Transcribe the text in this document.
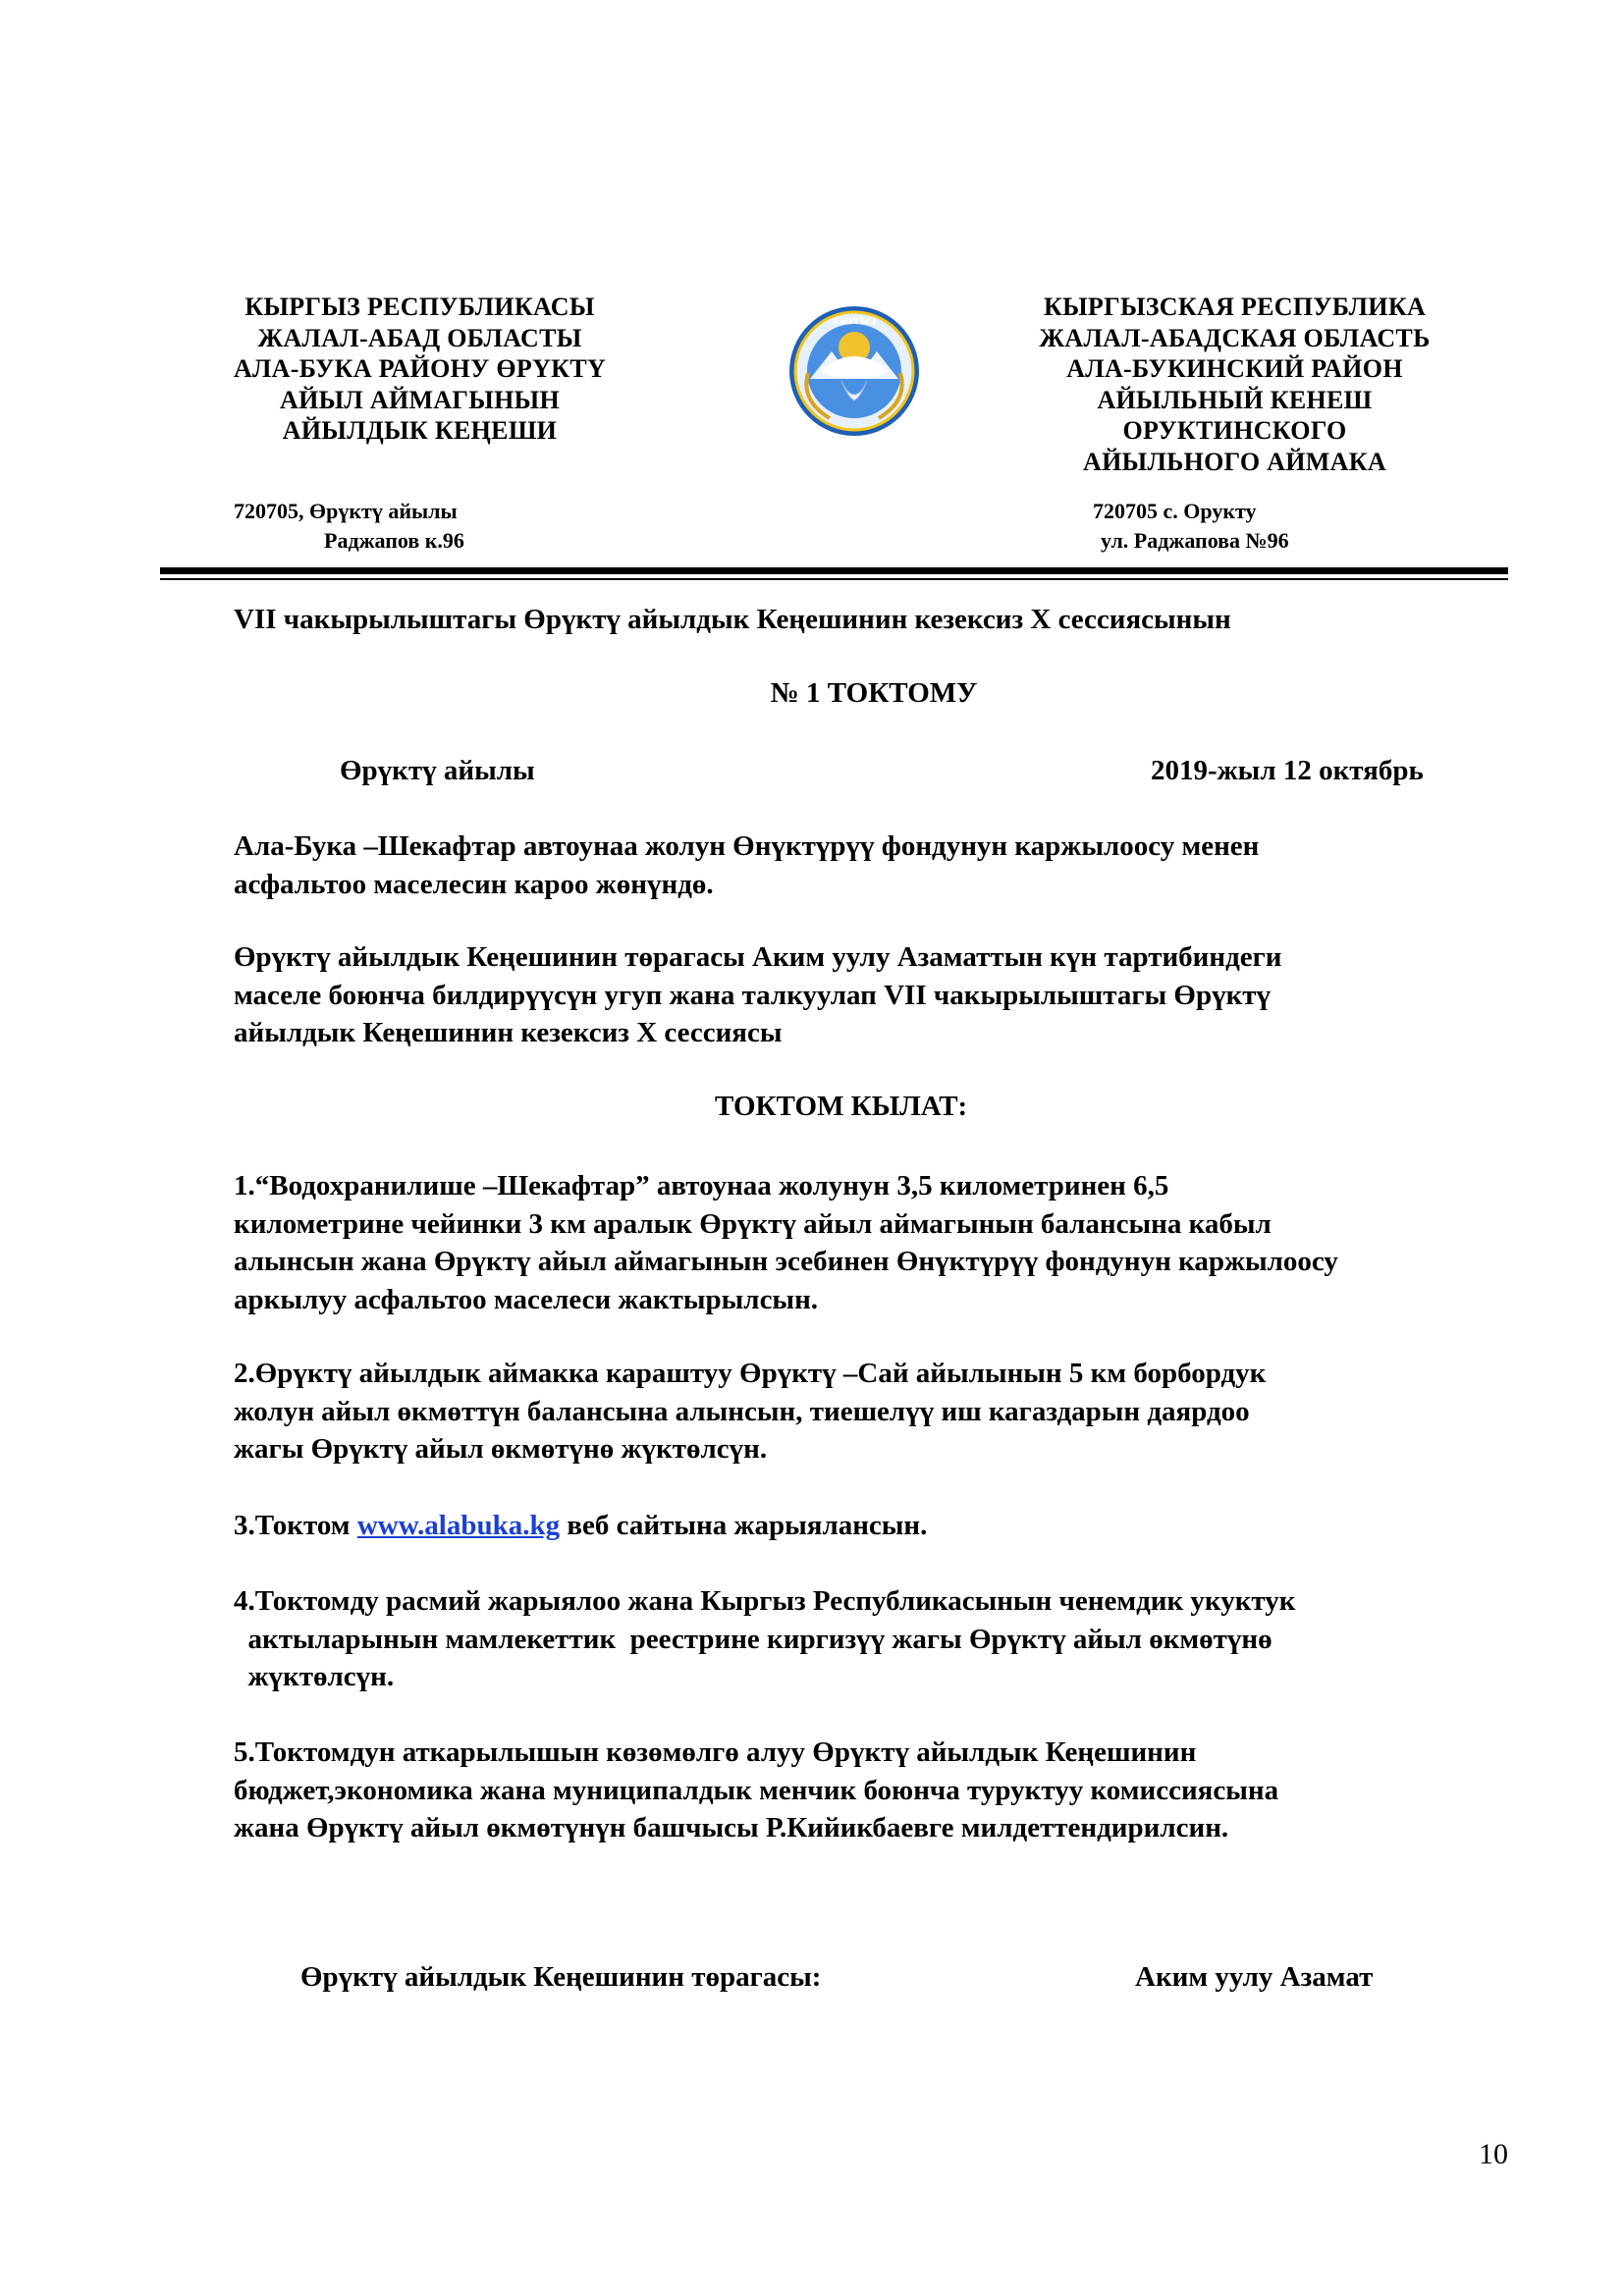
КЫРГЫЗ РЕСПУБЛИКАСЫ
ЖАЛАЛ-АБАД ОБЛАСТЫ
АЛА-БУКА РАЙОНУ ӨРҮКТҮ
АЙЫЛ АЙМАГЫНЫН
АЙЫЛДЫК КЕҢЕШИ
КЫРГЫЗ
КЫРГЫЗСКАЯ РЕСПУБЛИКА
ЖАЛАЛ-АБАДСКАЯ ОБЛАСТЬ
АЛА-БУКИНСКИЙ РАЙОН
АЙЫЛЬНЫЙ КЕНЕШ
ОРУКТИНСКОГО
АЙЫЛЬНОГО АЙМАКА
720705, Өрүктү айылы
Раджапов к.96
720705 с. Орукту
ул. Раджапова №96
VII чакырылыштагы Өрүктү айылдык Кеңешинин кезексиз X сессиясынын
№ 1 ТОКТОМУ
Өрүктү айылы	2019-жыл 12 октябрь
Ала-Бука –Шекафтар автоунаа жолун Өнүктүрүү фондунун каржылоосу менен
асфальтоо маселесин кароо жөнүндө.
Өрүктү айылдык Кеңешинин төрагасы Аким уулу Азаматтын күн тартибиндеги
маселе боюнча билдирүүсүн угуп жана талкуулап VII чакырылыштагы Өрүктү
айылдык Кеңешинин кезексиз X сессиясы
ТОКТОМ КЫЛАТ:
1.“Водохранилише –Шекафтар” автоунаа жолунун 3,5 километринен 6,5
километрине чейинки 3 км аралык Өрүктү айыл аймагынын балансына кабыл
алынсын жана Өрүктү айыл аймагынын эсебинен Өнүктүрүү фондунун каржылоосу
аркылуу асфальтоо маселеси жактырылсын.
2.Өрүктү айылдык аймакка караштуу Өрүктү –Сай айылынын 5 км борбордук
жолун айыл өкмөттүн балансына алынсын, тиешелүү иш кагаздарын даярдоо
жагы Өрүктү айыл өкмөтүнө жүктөлсүн.
3.Токтом www.alabuka.kg веб сайтына жарыялансын.
4.Токтомду расмий жарыялоо жана Кыргыз Республикасынын ченемдик укуктук
актыларынын мамлекеттик  реестрине киргизүү жагы Өрүктү айыл өкмөтүнө
жүктөлсүн.
5.Токтомдун аткарылышын көзөмөлгө алуу Өрүктү айылдык Кеңешинин
бюджет,экономика жана муниципалдык менчик боюнча туруктуу комиссиясына
жана Өрүктү айыл өкмөтүнүн башчысы Р.Кийикбаевге милдеттендирилсин.
Өрүктү айылдык Кеңешинин төрагасы:	Аким уулу Азамат
10
